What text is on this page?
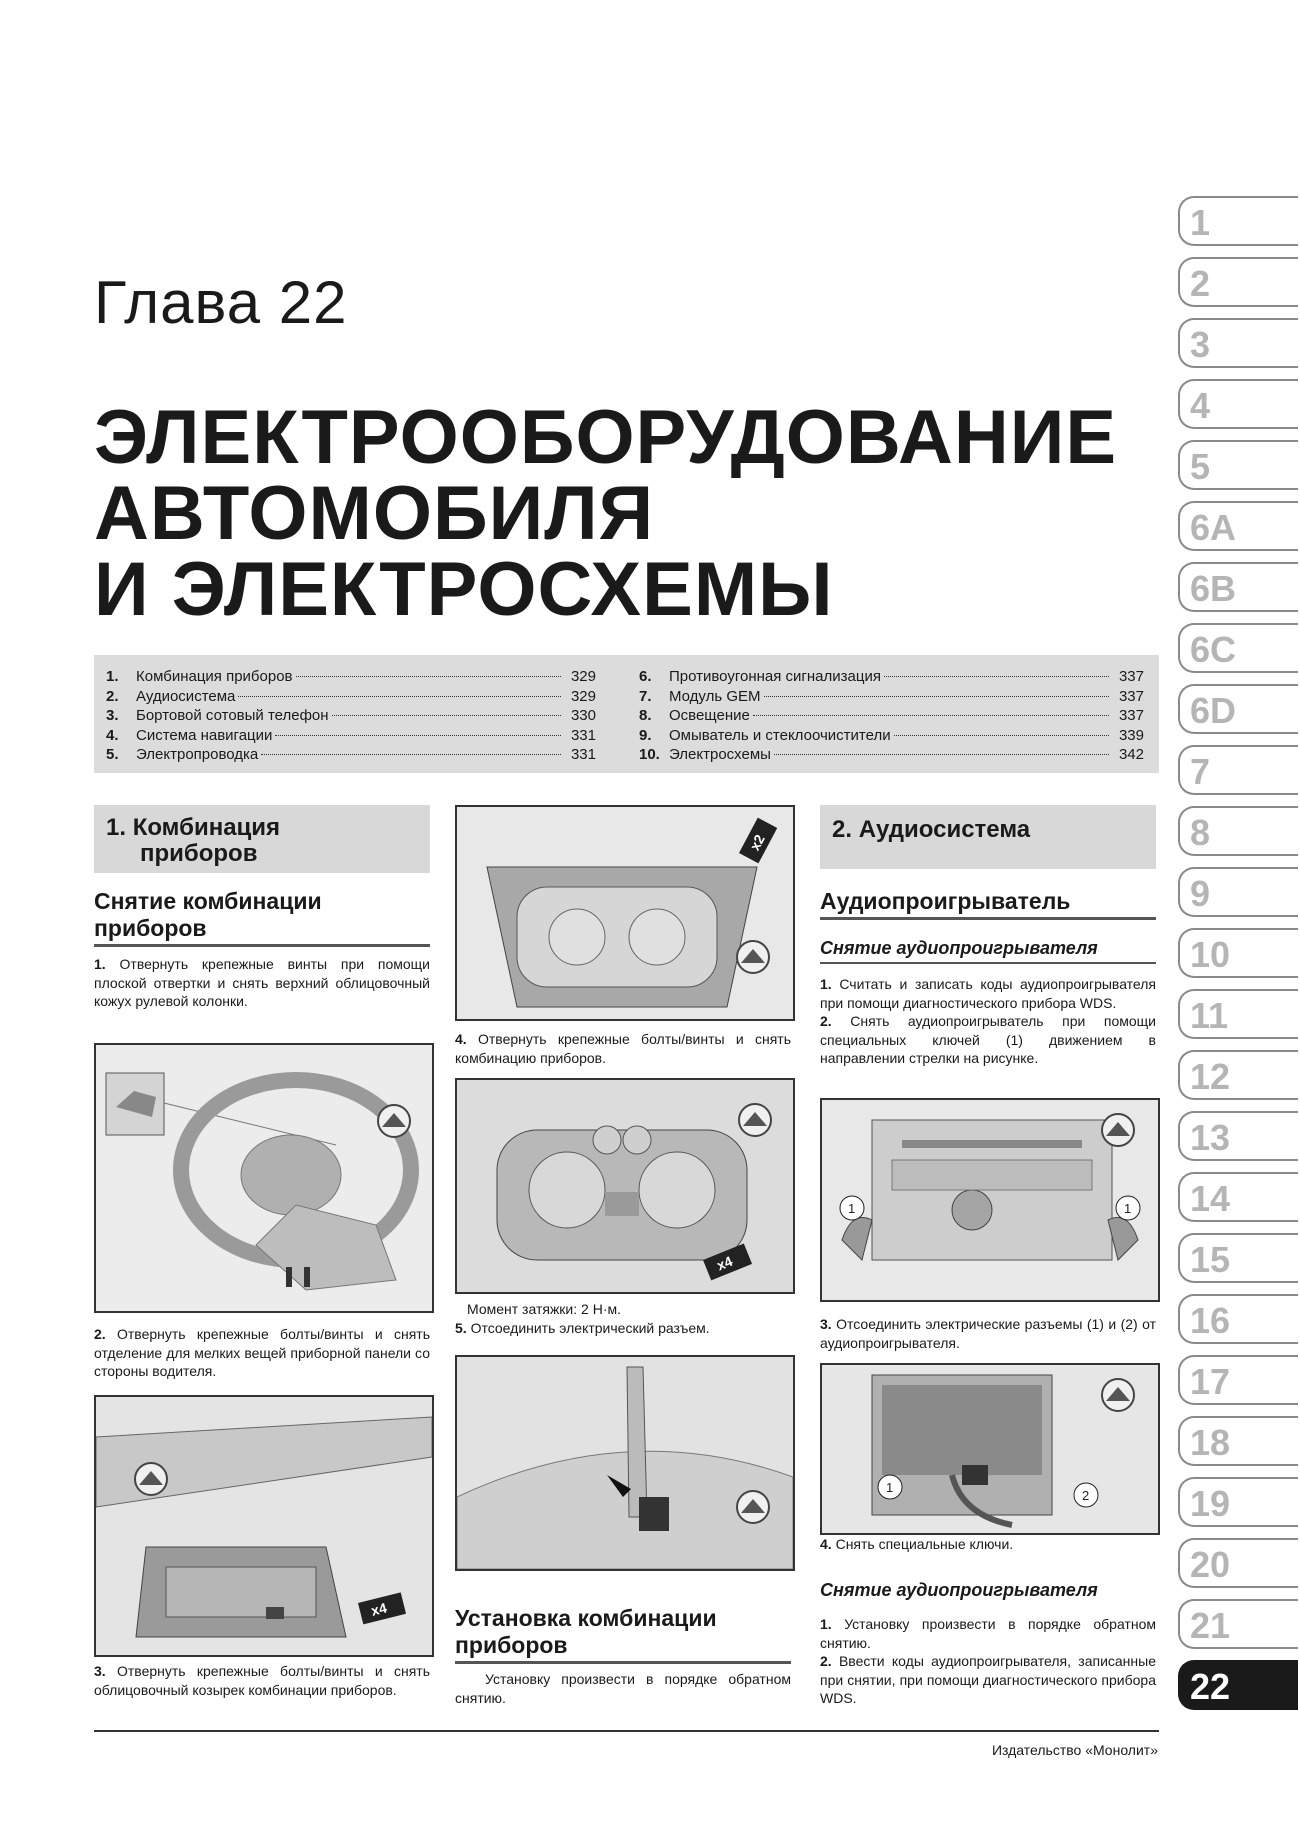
Глава 22
ЭЛЕКТРООБОРУДОВАНИЕ
АВТОМОБИЛЯ
И ЭЛЕКТРОСХЕМЫ
1.	Комбинация приборов	329
2.	Аудиосистема	329
3.	Бортовой сотовый телефон	330
4.	Система навигации	331
5.	Электропроводка	331
6.	Противоугонная сигнализация	337
7.	Модуль GEM	337
8.	Освещение	337
9.	Омыватель и стеклоочистители	339
10. Электросхемы	342
1. Комбинация
приборов
Снятие комбинации
приборов
1. Отвернуть крепежные винты при помощи плоской отвертки и снять верхний облицовочный кожух рулевой колонки.
2. Отвернуть крепежные болты/винты и снять отделение для мелких вещей приборной панели со стороны водителя.
x4
3. Отвернуть крепежные болты/винты и снять облицовочный козырек комбинации приборов.
x2
4. Отвернуть крепежные болты/винты и снять комбинацию приборов.
x4
Момент затяжки: 2 Н·м.
5. Отсоединить электрический разъем.
Установка комбинации
приборов
Установку произвести в порядке обратном снятию.
2. Аудиосистема
Аудиопроигрыватель
Снятие аудиопроигрывателя
1. Считать и записать коды аудиопроигрывателя при помощи диагностического прибора WDS.
2. Снять аудиопроигрыватель при помощи специальных ключей (1) движением в направлении стрелки на рисунке.
1	1
3. Отсоединить электрические разъемы (1) и (2) от аудиопроигрывателя.
1
2
4. Снять специальные ключи.
Снятие аудиопроигрывателя
1. Установку произвести в порядке обратном снятию.
2. Ввести коды аудиопроигрывателя, записанные при снятии, при помощи диагностического прибора WDS.
1
2
3
4
5
6A
6B
6C
6D
7
8
9
10
11
12
13
14
15
16
17
18
19
20
21
22
Издательство «Монолит»
